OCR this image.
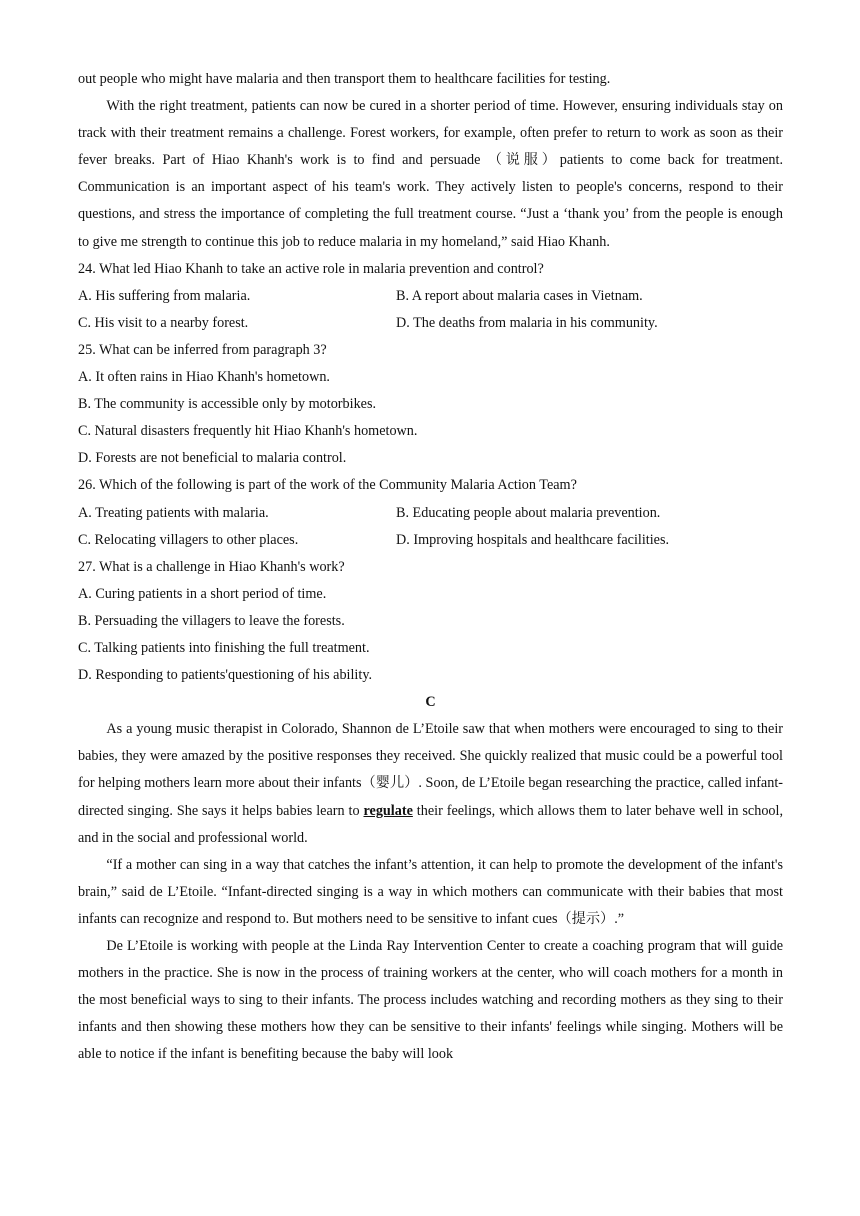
out people who might have malaria and then transport them to healthcare facilities for testing.

With the right treatment, patients can now be cured in a shorter period of time. However, ensuring individuals stay on track with their treatment remains a challenge. Forest workers, for example, often prefer to return to work as soon as their fever breaks. Part of Hiao Khanh's work is to find and persuade （说服）patients to come back for treatment. Communication is an important aspect of his team's work. They actively listen to people's concerns, respond to their questions, and stress the importance of completing the full treatment course. “Just a ‘thank you’ from the people is enough to give me strength to continue this job to reduce malaria in my homeland,” said Hiao Khanh.

24. What led Hiao Khanh to take an active role in malaria prevention and control?

A. His suffering from malaria.	B. A report about malaria cases in Vietnam.
C. His visit to a nearby forest.	D. The deaths from malaria in his community.

25. What can be inferred from paragraph 3?

A. It often rains in Hiao Khanh's hometown.

B. The community is accessible only by motorbikes.

C. Natural disasters frequently hit Hiao Khanh's hometown.

D. Forests are not beneficial to malaria control.

26. Which of the following is part of the work of the Community Malaria Action Team?

A. Treating patients with malaria.	B. Educating people about malaria prevention.
C. Relocating villagers to other places.	D. Improving hospitals and healthcare facilities.

27. What is a challenge in Hiao Khanh's work?

A. Curing patients in a short period of time.

B. Persuading the villagers to leave the forests.

C. Talking patients into finishing the full treatment.

D. Responding to patients'questioning of his ability.

C

As a young music therapist in Colorado, Shannon de L’Etoile saw that when mothers were encouraged to sing to their babies, they were amazed by the positive responses they received. She quickly realized that music could be a powerful tool for helping mothers learn more about their infants（婴儿）. Soon, de L’Etoile began researching the practice, called infant-directed singing. She says it helps babies learn to regulate their feelings, which allows them to later behave well in school, and in the social and professional world.

“If a mother can sing in a way that catches the infant’s attention, it can help to promote the development of the infant's brain,” said de L’Etoile. “Infant-directed singing is a way in which mothers can communicate with their babies that most infants can recognize and respond to. But mothers need to be sensitive to infant cues（提示）.”

De L’Etoile is working with people at the Linda Ray Intervention Center to create a coaching program that will guide mothers in the practice. She is now in the process of training workers at the center, who will coach mothers for a month in the most beneficial ways to sing to their infants. The process includes watching and recording mothers as they sing to their infants and then showing these mothers how they can be sensitive to their infants' feelings while singing. Mothers will be able to notice if the infant is benefiting because the baby will look
